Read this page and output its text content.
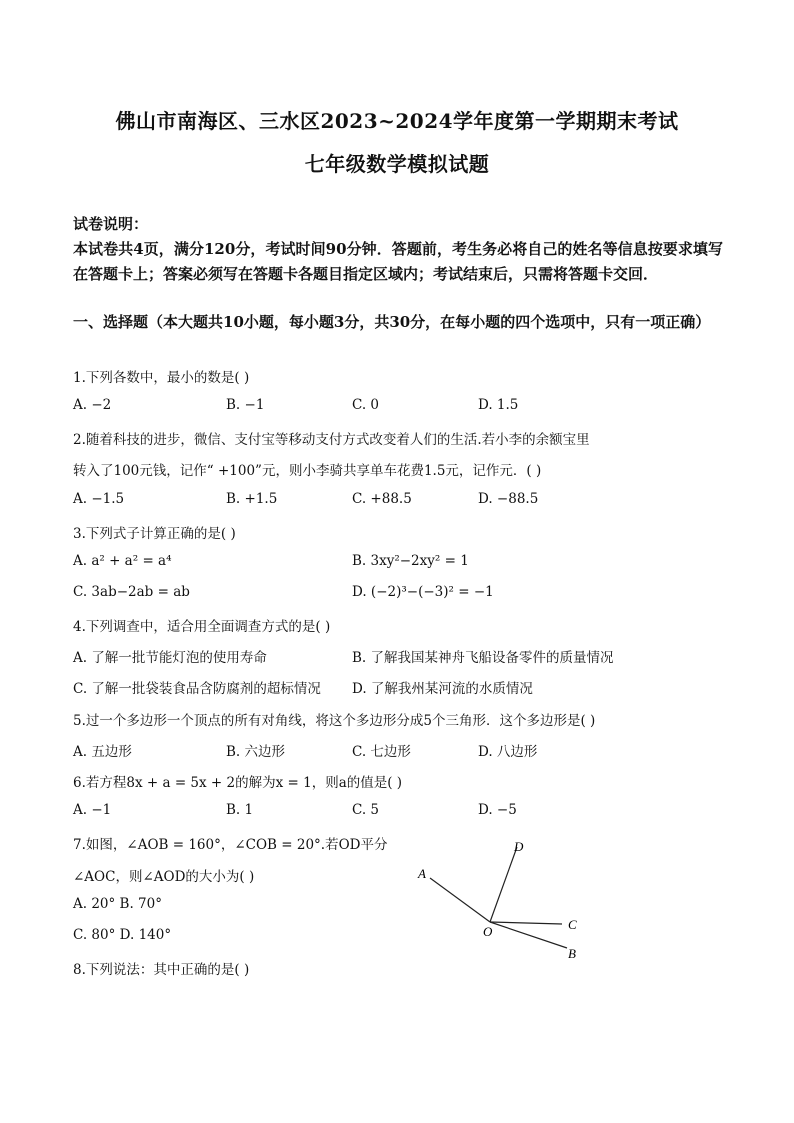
佛山市南海区、三水区2023~2024学年度第一学期期末考试
七年级数学模拟试题
试卷说明：
本试卷共4页，满分120分，考试时间90分钟．答题前，考生务必将自己的姓名等信息按要求填写在答题卡上；答案必须写在答题卡各题目指定区域内；考试结束后，只需将答题卡交回．
一、选择题（本大题共10小题，每小题3分，共30分，在每小题的四个选项中，只有一项正确）
1.下列各数中，最小的数是( )
A. −2	B. −1	C. 0	D. 1.5
2.随着科技的进步，微信、支付宝等移动支付方式改变着人们的生活.若小李的余额宝里
转入了100元钱，记作“ +100”元，则小李骑共享单车花费1.5元，记作元．( )
A. −1.5	B. +1.5	C. +88.5	D. −88.5
3.下列式子计算正确的是( )
A. a² + a² = a⁴	B. 3xy²−2xy² = 1
C. 3ab−2ab = ab	D. (−2)³−(−3)² = −1
4.下列调查中，适合用全面调查方式的是( )
A. 了解一批节能灯泡的使用寿命	B. 了解我国某神舟飞船设备零件的质量情况
C. 了解一批袋装食品含防腐剂的超标情况 D. 了解我州某河流的水质情况
5.过一个多边形一个顶点的所有对角线，将这个多边形分成5个三角形．这个多边形是( )
A. 五边形	B. 六边形	C. 七边形	D. 八边形
6.若方程8x + a = 5x + 2的解为x = 1，则a的值是( )
A. −1	B. 1	C. 5	D. −5
7.如图，∠AOB = 160°，∠COB = 20°.若OD平分
∠AOC，则∠AOD的大小为( )
A. 20° B. 70°
C. 80° D. 140°
A
D
C
B
O
8.下列说法：其中正确的是( )
